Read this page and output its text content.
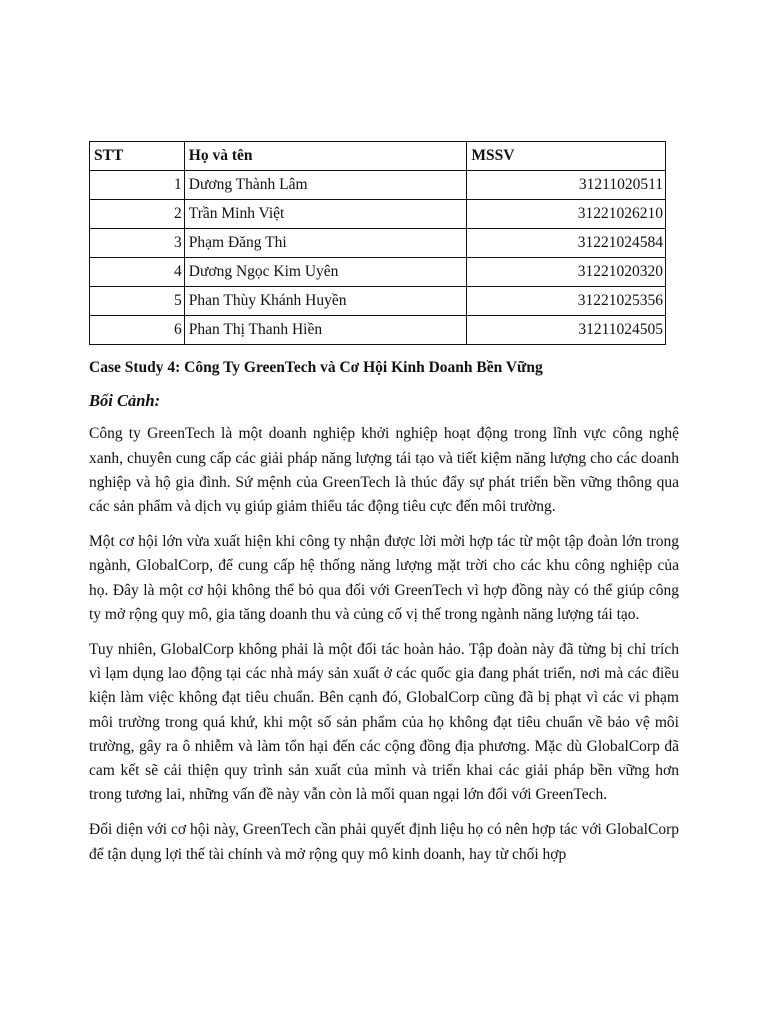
STT	Họ và tên	MSSV
1	Dương Thành Lâm	31211020511
2	Trần Minh Việt	31221026210
3	Phạm Đăng Thi	31221024584
4	Dương Ngọc Kim Uyên	31221020320
5	Phan Thùy Khánh Huyền	31221025356
6	Phan Thị Thanh Hiền	31211024505
Case Study 4: Công Ty GreenTech và Cơ Hội Kinh Doanh Bền Vững
Bối Cảnh:

Công ty GreenTech là một doanh nghiệp khởi nghiệp hoạt động trong lĩnh vực công nghệ xanh, chuyên cung cấp các giải pháp năng lượng tái tạo và tiết kiệm năng lượng cho các doanh nghiệp và hộ gia đình. Sứ mệnh của GreenTech là thúc đẩy sự phát triển bền vững thông qua các sản phẩm và dịch vụ giúp giảm thiểu tác động tiêu cực đến môi trường.

Một cơ hội lớn vừa xuất hiện khi công ty nhận được lời mời hợp tác từ một tập đoàn lớn trong ngành, GlobalCorp, để cung cấp hệ thống năng lượng mặt trời cho các khu công nghiệp của họ. Đây là một cơ hội không thể bỏ qua đối với GreenTech vì hợp đồng này có thể giúp công ty mở rộng quy mô, gia tăng doanh thu và củng cố vị thế trong ngành năng lượng tái tạo.

Tuy nhiên, GlobalCorp không phải là một đối tác hoàn hảo. Tập đoàn này đã từng bị chỉ trích vì lạm dụng lao động tại các nhà máy sản xuất ở các quốc gia đang phát triển, nơi mà các điều kiện làm việc không đạt tiêu chuẩn. Bên cạnh đó, GlobalCorp cũng đã bị phạt vì các vi phạm môi trường trong quá khứ, khi một số sản phẩm của họ không đạt tiêu chuẩn về bảo vệ môi trường, gây ra ô nhiễm và làm tổn hại đến các cộng đồng địa phương. Mặc dù GlobalCorp đã cam kết sẽ cải thiện quy trình sản xuất của mình và triển khai các giải pháp bền vững hơn trong tương lai, những vấn đề này vẫn còn là mối quan ngại lớn đối với GreenTech.

Đối diện với cơ hội này, GreenTech cần phải quyết định liệu họ có nên hợp tác với GlobalCorp để tận dụng lợi thế tài chính và mở rộng quy mô kinh doanh, hay từ chối hợp
